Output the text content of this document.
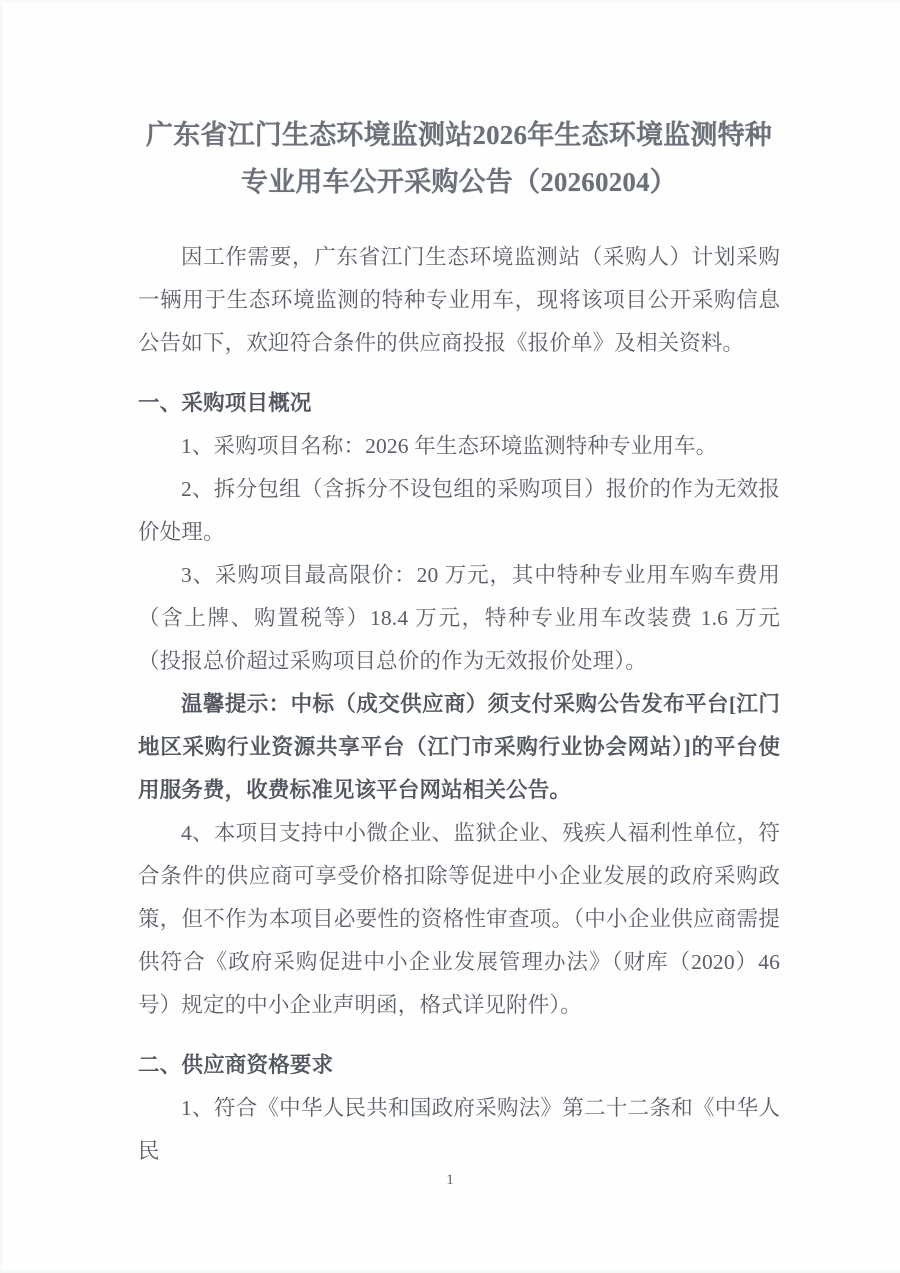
广东省江门生态环境监测站2026年生态环境监测特种
专业用车公开采购公告（20260204）

因工作需要，广东省江门生态环境监测站（采购人）计划采购一辆用于生态环境监测的特种专业用车，现将该项目公开采购信息公告如下，欢迎符合条件的供应商投报《报价单》及相关资料。

一、采购项目概况

1、采购项目名称：2026 年生态环境监测特种专业用车。

2、拆分包组（含拆分不设包组的采购项目）报价的作为无效报价处理。

3、采购项目最高限价：20 万元，其中特种专业用车购车费用（含上牌、购置税等）18.4 万元，特种专业用车改装费 1.6 万元（投报总价超过采购项目总价的作为无效报价处理）。

温馨提示：中标（成交供应商）须支付采购公告发布平台[江门地区采购行业资源共享平台（江门市采购行业协会网站）]的平台使用服务费，收费标准见该平台网站相关公告。

4、本项目支持中小微企业、监狱企业、残疾人福利性单位，符合条件的供应商可享受价格扣除等促进中小企业发展的政府采购政策，但不作为本项目必要性的资格性审查项。（中小企业供应商需提供符合《政府采购促进中小企业发展管理办法》（财库（2020）46 号）规定的中小企业声明函，格式详见附件）。

二、供应商资格要求

1、符合《中华人民共和国政府采购法》第二十二条和《中华人民

1
